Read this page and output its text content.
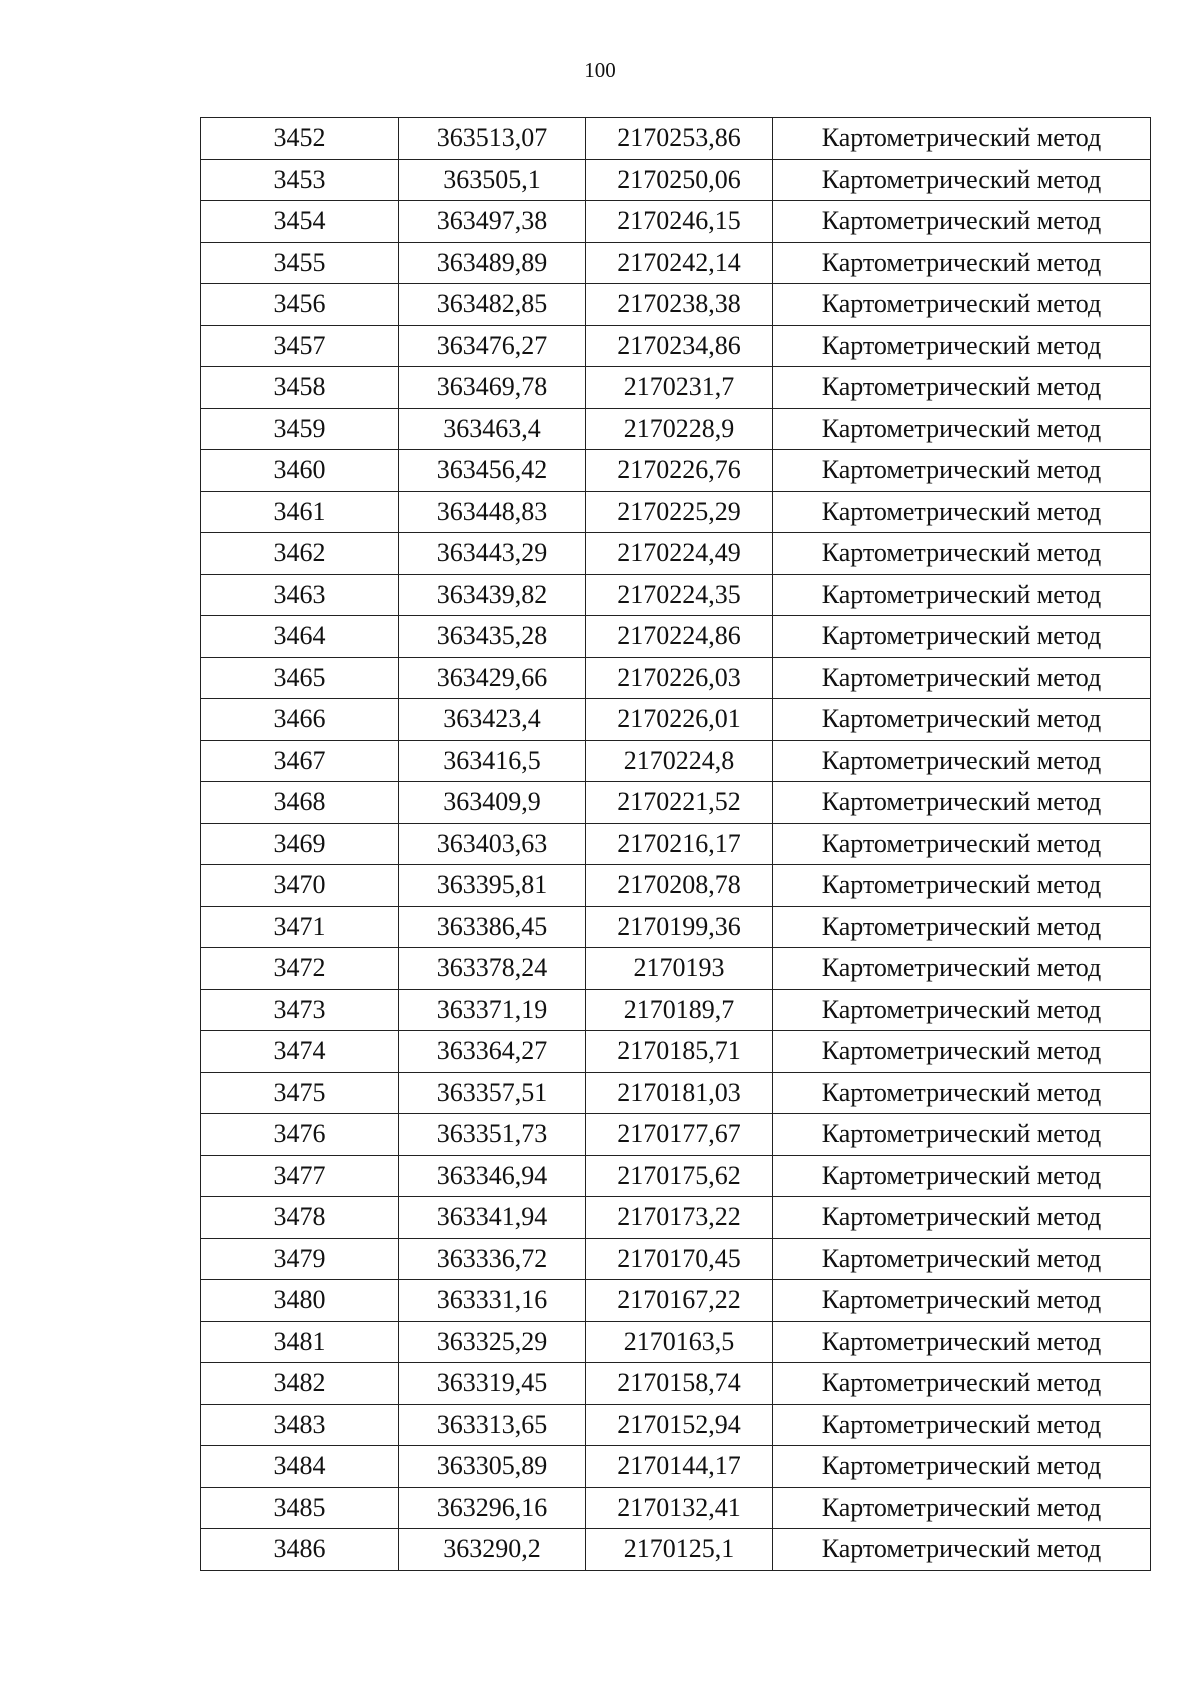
100
3452	363513,07	2170253,86	Картометрический метод
3453	363505,1	2170250,06	Картометрический метод
3454	363497,38	2170246,15	Картометрический метод
3455	363489,89	2170242,14	Картометрический метод
3456	363482,85	2170238,38	Картометрический метод
3457	363476,27	2170234,86	Картометрический метод
3458	363469,78	2170231,7	Картометрический метод
3459	363463,4	2170228,9	Картометрический метод
3460	363456,42	2170226,76	Картометрический метод
3461	363448,83	2170225,29	Картометрический метод
3462	363443,29	2170224,49	Картометрический метод
3463	363439,82	2170224,35	Картометрический метод
3464	363435,28	2170224,86	Картометрический метод
3465	363429,66	2170226,03	Картометрический метод
3466	363423,4	2170226,01	Картометрический метод
3467	363416,5	2170224,8	Картометрический метод
3468	363409,9	2170221,52	Картометрический метод
3469	363403,63	2170216,17	Картометрический метод
3470	363395,81	2170208,78	Картометрический метод
3471	363386,45	2170199,36	Картометрический метод
3472	363378,24	2170193	Картометрический метод
3473	363371,19	2170189,7	Картометрический метод
3474	363364,27	2170185,71	Картометрический метод
3475	363357,51	2170181,03	Картометрический метод
3476	363351,73	2170177,67	Картометрический метод
3477	363346,94	2170175,62	Картометрический метод
3478	363341,94	2170173,22	Картометрический метод
3479	363336,72	2170170,45	Картометрический метод
3480	363331,16	2170167,22	Картометрический метод
3481	363325,29	2170163,5	Картометрический метод
3482	363319,45	2170158,74	Картометрический метод
3483	363313,65	2170152,94	Картометрический метод
3484	363305,89	2170144,17	Картометрический метод
3485	363296,16	2170132,41	Картометрический метод
3486	363290,2	2170125,1	Картометрический метод
